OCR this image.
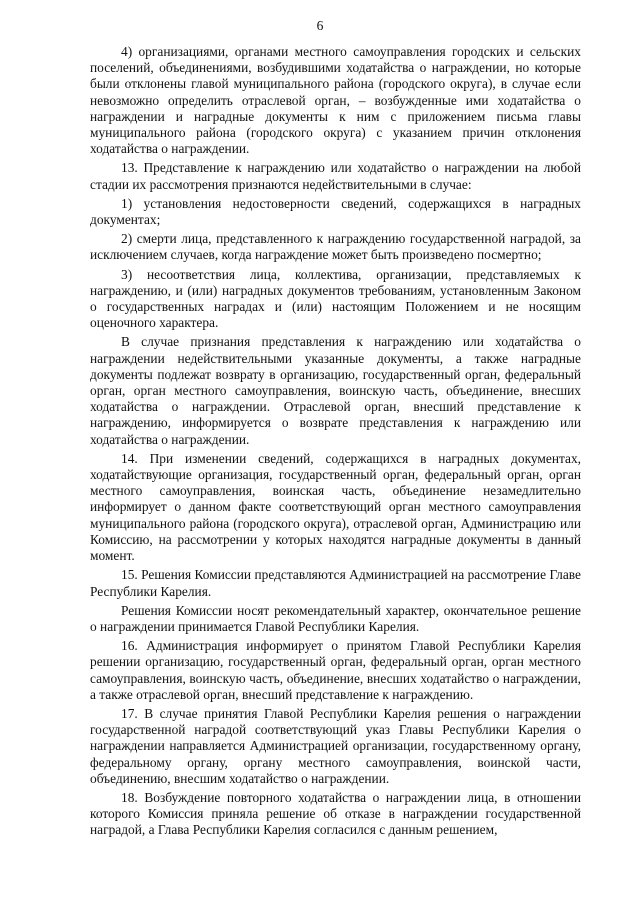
6

4) организациями, органами местного самоуправления городских и сельских поселений, объединениями, возбудившими ходатайства о награждении, но которые были отклонены главой муниципального района (городского округа), в случае если невозможно определить отраслевой орган, – возбужденные ими ходатайства о награждении и наградные документы к ним с приложением письма главы муниципального района (городского округа) с указанием причин отклонения ходатайства о награждении.

13. Представление к награждению или ходатайство о награждении на любой стадии их рассмотрения признаются недействительными в случае:

1) установления недостоверности сведений, содержащихся в наградных документах;

2) смерти лица, представленного к награждению государственной наградой, за исключением случаев, когда награждение может быть произведено посмертно;

3) несоответствия лица, коллектива, организации, представляемых к награждению, и (или) наградных документов требованиям, установленным Законом о государственных наградах и (или) настоящим Положением и не носящим оценочного характера.

В случае признания представления к награждению или ходатайства о награждении недействительными указанные документы, а также наградные документы подлежат возврату в организацию, государственный орган, федеральный орган, орган местного самоуправления, воинскую часть, объединение, внесших ходатайства о награждении. Отраслевой орган, внесший представление к награждению, информируется о возврате представления к награждению или ходатайства о награждении.

14. При изменении сведений, содержащихся в наградных документах, ходатайствующие организация, государственный орган, федеральный орган, орган местного самоуправления, воинская часть, объединение незамедлительно информирует о данном факте соответствующий орган местного самоуправления муниципального района (городского округа), отраслевой орган, Администрацию или Комиссию, на рассмотрении у которых находятся наградные документы в данный момент.

15. Решения Комиссии представляются Администрацией на рассмотрение Главе Республики Карелия.

Решения Комиссии носят рекомендательный характер, окончательное решение о награждении принимается Главой Республики Карелия.

16. Администрация информирует о принятом Главой Республики Карелия решении организацию, государственный орган, федеральный орган, орган местного самоуправления, воинскую часть, объединение, внесших ходатайство о награждении, а также отраслевой орган, внесший представление к награждению.

17. В случае принятия Главой Республики Карелия решения о награждении государственной наградой соответствующий указ Главы Республики Карелия о награждении направляется Администрацией организации, государственному органу, федеральному органу, органу местного самоуправления, воинской части, объединению, внесшим ходатайство о награждении.

18. Возбуждение повторного ходатайства о награждении лица, в отношении которого Комиссия приняла решение об отказе в награждении государственной наградой, а Глава Республики Карелия согласился с данным решением,
